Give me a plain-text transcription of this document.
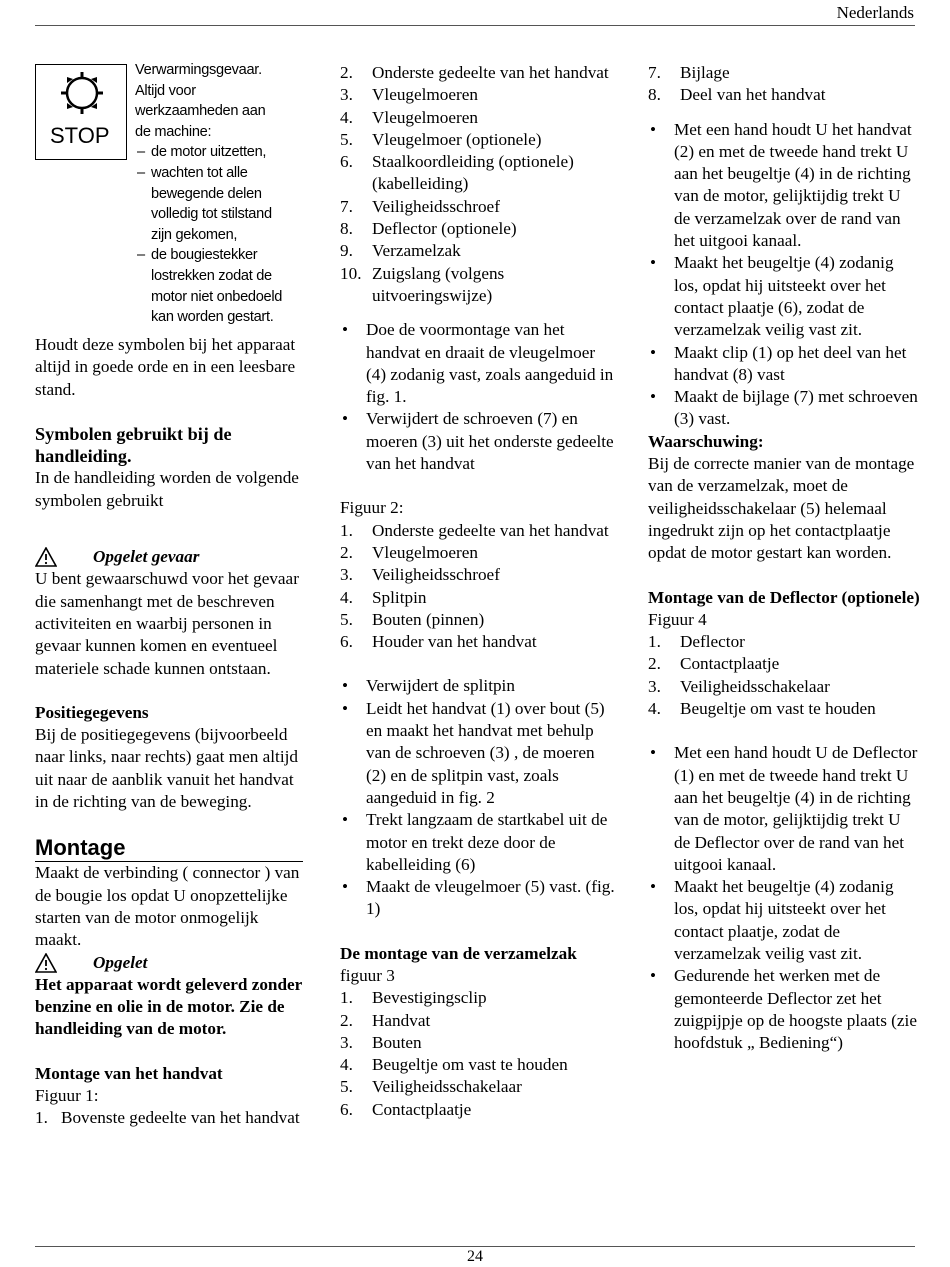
Nederlands
STOP
Verwarmingsgevaar.
Altijd voor
werkzaamheden aan
de machine:
– de motor uitzetten,
– wachten tot alle
bewegende delen
volledig tot stilstand
zijn gekomen,
– de bougiestekker
lostrekken zodat de
motor niet onbedoeld
kan worden gestart.

Houdt deze symbolen bij het apparaat altijd in goede orde en in een leesbare stand.

Symbolen gebruikt bij de handleiding.

In de handleiding worden de volgende symbolen gebruikt

Opgelet gevaar

U bent gewaarschuwd voor het gevaar die samenhangt met de beschreven activiteiten en waarbij personen in gevaar kunnen komen en eventueel materiele schade kunnen ontstaan.

Positiegegevens

Bij de positiegegevens (bijvoorbeeld naar links, naar rechts) gaat men altijd uit naar de aanblik vanuit het handvat in de richting van de beweging.

Montage

Maakt de verbinding ( connector ) van de bougie los opdat U onopzettelijke starten van de motor onmogelijk maakt.

Opgelet

Het apparaat wordt geleverd zonder benzine en olie in de motor. Zie de handleiding van de motor.

Montage van het handvat

Figuur 1:

1. Bovenste gedeelte van het handvat
2. Onderste gedeelte van het handvat
3. Vleugelmoeren
4. Vleugelmoeren
5. Vleugelmoer (optionele)
6. Staalkoordleiding (optionele) (kabelleiding)
7. Veiligheidsschroef
8. Deflector (optionele)
9. Verzamelzak
10. Zuigslang (volgens uitvoeringswijze)
• Doe de voormontage van het handvat en draait de vleugelmoer (4) zodanig vast, zoals aangeduid in fig. 1.
• Verwijdert de schroeven (7) en moeren (3) uit het onderste gedeelte van het handvat

Figuur 2:

1. Onderste gedeelte van het handvat
2. Vleugelmoeren
3. Veiligheidsschroef
4. Splitpin
5. Bouten (pinnen)
6. Houder van het handvat
• Verwijdert de splitpin
• Leidt het handvat (1) over bout (5) en maakt het handvat met behulp van de schroeven (3) , de moeren (2) en de splitpin vast, zoals aangeduid in fig. 2
• Trekt langzaam de startkabel uit de motor en trekt deze door de kabelleiding (6)
• Maakt de vleugelmoer (5) vast. (fig. 1)

De montage van de verzamelzak

figuur 3

1. Bevestigingsclip
2. Handvat
3. Bouten
4. Beugeltje om vast te houden
5. Veiligheidsschakelaar
6. Contactplaatje
7. Bijlage
8. Deel van het handvat
• Met een hand houdt U het handvat (2) en met de tweede hand trekt U aan het beugeltje (4) in de richting van de motor, gelijktijdig trekt U de verzamelzak over de rand van het uitgooi kanaal.
• Maakt het beugeltje (4) zodanig los, opdat hij uitsteekt over het contact plaatje (6), zodat de verzamelzak veilig vast zit.
• Maakt clip (1) op het deel van het handvat (8) vast
• Maakt de bijlage (7) met schroeven (3) vast.

Waarschuwing:

Bij de correcte manier van de montage van de verzamelzak, moet de veiligheidsschakelaar (5) helemaal ingedrukt zijn op het contactplaatje opdat de motor gestart kan worden.

Montage van de Deflector (optionele)

Figuur 4

1. Deflector
2. Contactplaatje
3. Veiligheidsschakelaar
4. Beugeltje om vast te houden
• Met een hand houdt U de Deflector (1) en met de tweede hand trekt U aan het beugeltje (4) in de richting van de motor, gelijktijdig trekt U de Deflector over de rand van het uitgooi kanaal.
• Maakt het beugeltje (4) zodanig los, opdat hij uitsteekt over het contact plaatje, zodat de verzamelzak veilig vast zit.
• Gedurende het werken met de gemonteerde Deflector zet het zuigpijpje op de hoogste plaats (zie hoofdstuk „ Bediening“)
24
